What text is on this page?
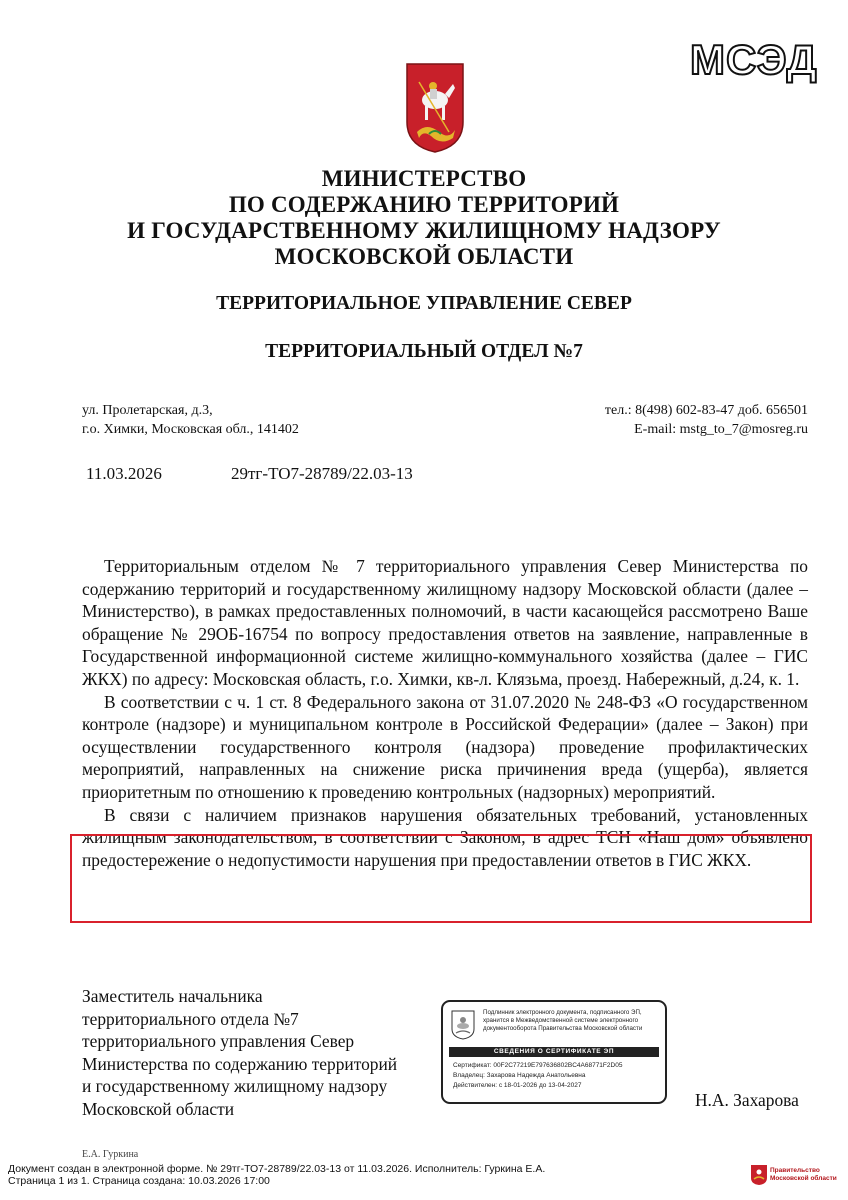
МСЭД
МИНИСТЕРСТВО
ПО СОДЕРЖАНИЮ ТЕРРИТОРИЙ
И ГОСУДАРСТВЕННОМУ ЖИЛИЩНОМУ НАДЗОРУ
МОСКОВСКОЙ ОБЛАСТИ
ТЕРРИТОРИАЛЬНОЕ УПРАВЛЕНИЕ СЕВЕР
ТЕРРИТОРИАЛЬНЫЙ ОТДЕЛ №7
ул. Пролетарская, д.3,
г.о. Химки, Московская обл., 141402
тел.: 8(498) 602-83-47 доб. 656501
E-mail: mstg_to_7@mosreg.ru
11.03.2026	29тг-ТО7-28789/22.03-13

Территориальным отделом № 7 территориального управления Север Министерства по содержанию территорий и государственному жилищному надзору Московской области (далее – Министерство), в рамках предоставленных полномочий, в части касающейся рассмотрено Ваше обращение № 29ОБ-16754 по вопросу предоставления ответов на заявление, направленные в Государственной информационной системе жилищно-коммунального хозяйства (далее – ГИС ЖКХ) по адресу: Московская область, г.о. Химки, кв-л. Клязьма, проезд. Набережный, д.24, к. 1.

В соответствии с ч. 1 ст. 8 Федерального закона от 31.07.2020 № 248-ФЗ «О государственном контроле (надзоре) и муниципальном контроле в Российской Федерации» (далее – Закон) при осуществлении государственного контроля (надзора) проведение профилактических мероприятий, направленных на снижение риска причинения вреда (ущерба), является приоритетным по отношению к проведению контрольных (надзорных) мероприятий.

В связи с наличием признаков нарушения обязательных требований, установленных жилищным законодательством, в соответствии с Законом, в адрес ТСН «Наш дом» объявлено предостережение о недопустимости нарушения при предоставлении ответов в ГИС ЖКХ.

Заместитель начальника
территориального отдела №7
территориального управления Север
Министерства по содержанию территорий
и государственному жилищному надзору
Московской области
Подлинник электронного документа, подписанного ЭП, хранится в Межведомственной системе электронного документооборота Правительства Московской области
СВЕДЕНИЯ О СЕРТИФИКАТЕ ЭП
Сертификат: 00F2C77219E797636802BC4A68771F2D05
Владелец: Захарова Надежда Анатольевна
Действителен: с 18-01-2026 до 13-04-2027
Н.А. Захарова
Е.А. Гуркина
Документ создан в электронной форме. № 29тг-ТО7-28789/22.03-13 от 11.03.2026. Исполнитель: Гуркина Е.А.
Страница 1 из 1. Страница создана: 10.03.2026 17:00
Правительство
Московской области
